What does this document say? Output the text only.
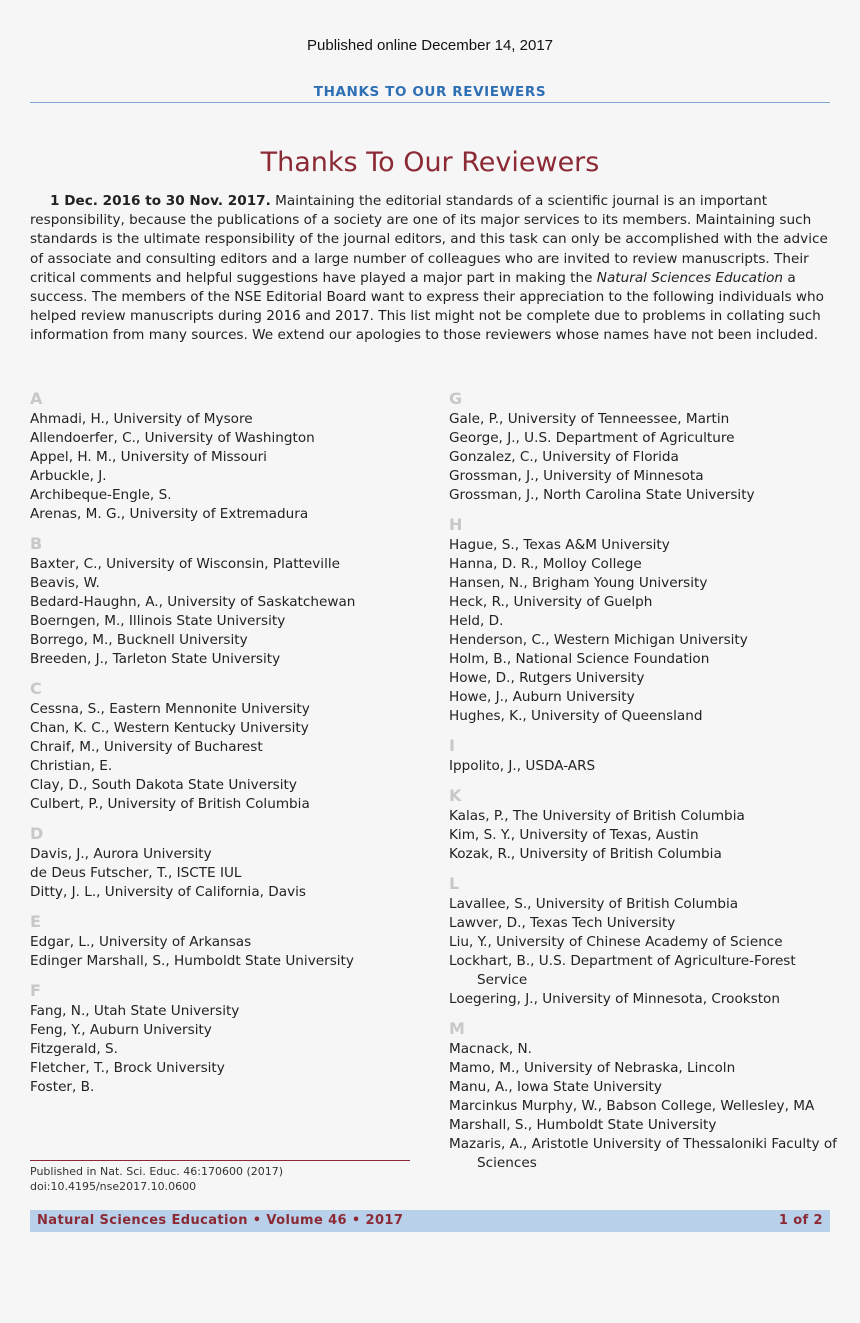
Published online December 14, 2017
THANKS TO OUR REVIEWERS
Thanks To Our Reviewers
1 Dec. 2016 to 30 Nov. 2017. Maintaining the editorial standards of a scientific journal is an important responsibility, because the publications of a society are one of its major services to its members. Maintaining such standards is the ultimate responsibility of the journal editors, and this task can only be accomplished with the advice of associate and consulting editors and a large number of colleagues who are invited to review manuscripts. Their critical comments and helpful suggestions have played a major part in making the Natural Sciences Education a success. The members of the NSE Editorial Board want to express their appreciation to the following individuals who helped review manuscripts during 2016 and 2017. This list might not be complete due to problems in collating such information from many sources. We extend our apologies to those reviewers whose names have not been included.
A
Ahmadi, H., University of Mysore
Allendoerfer, C., University of Washington
Appel, H. M., University of Missouri
Arbuckle, J.
Archibeque-Engle, S.
Arenas, M. G., University of Extremadura
B
Baxter, C., University of Wisconsin, Platteville
Beavis, W.
Bedard-Haughn, A., University of Saskatchewan
Boerngen, M., Illinois State University
Borrego, M., Bucknell University
Breeden, J., Tarleton State University
C
Cessna, S., Eastern Mennonite University
Chan, K. C., Western Kentucky University
Chraif, M., University of Bucharest
Christian, E.
Clay, D., South Dakota State University
Culbert, P., University of British Columbia
D
Davis, J., Aurora University
de Deus Futscher, T., ISCTE IUL
Ditty, J. L., University of California, Davis
E
Edgar, L., University of Arkansas
Edinger Marshall, S., Humboldt State University
F
Fang, N., Utah State University
Feng, Y., Auburn University
Fitzgerald, S.
Fletcher, T., Brock University
Foster, B.
G
Gale, P., University of Tenneessee, Martin
George, J., U.S. Department of Agriculture
Gonzalez, C., University of Florida
Grossman, J., University of Minnesota
Grossman, J., North Carolina State University
H
Hague, S., Texas A&M University
Hanna, D. R., Molloy College
Hansen, N., Brigham Young University
Heck, R., University of Guelph
Held, D.
Henderson, C., Western Michigan University
Holm, B., National Science Foundation
Howe, D., Rutgers University
Howe, J., Auburn University
Hughes, K., University of Queensland
I
Ippolito, J., USDA-ARS
K
Kalas, P., The University of British Columbia
Kim, S. Y., University of Texas, Austin
Kozak, R., University of British Columbia
L
Lavallee, S., University of British Columbia
Lawver, D., Texas Tech University
Liu, Y., University of Chinese Academy of Science
Lockhart, B., U.S. Department of Agriculture-Forest Service
Loegering, J., University of Minnesota, Crookston
M
Macnack, N.
Mamo, M., University of Nebraska, Lincoln
Manu, A., Iowa State University
Marcinkus Murphy, W., Babson College, Wellesley, MA
Marshall, S., Humboldt State University
Mazaris, A., Aristotle University of Thessaloniki Faculty of Sciences
Published in Nat. Sci. Educ. 46:170600 (2017)
doi:10.4195/nse2017.10.0600
Natural Sciences Education • Volume 46 • 2017	1 of 2
